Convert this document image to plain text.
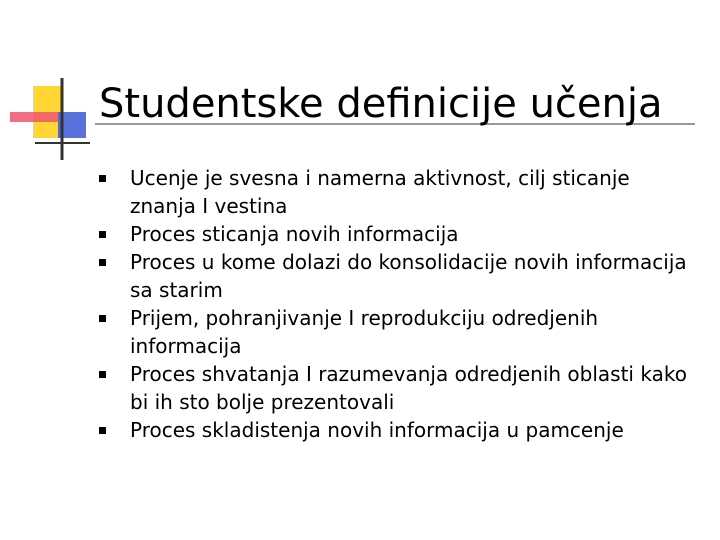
Studentske definicije učenja
Ucenje je svesna i namerna aktivnost, cilj sticanje znanja I vestina
Proces sticanja novih informacija
Proces u kome dolazi do konsolidacije novih informacija sa starim
Prijem, pohranjivanje I reprodukciju odredjenih informacija
Proces shvatanja I razumevanja odredjenih oblasti kako bi ih sto bolje prezentovali
Proces skladistenja novih informacija u pamcenje
